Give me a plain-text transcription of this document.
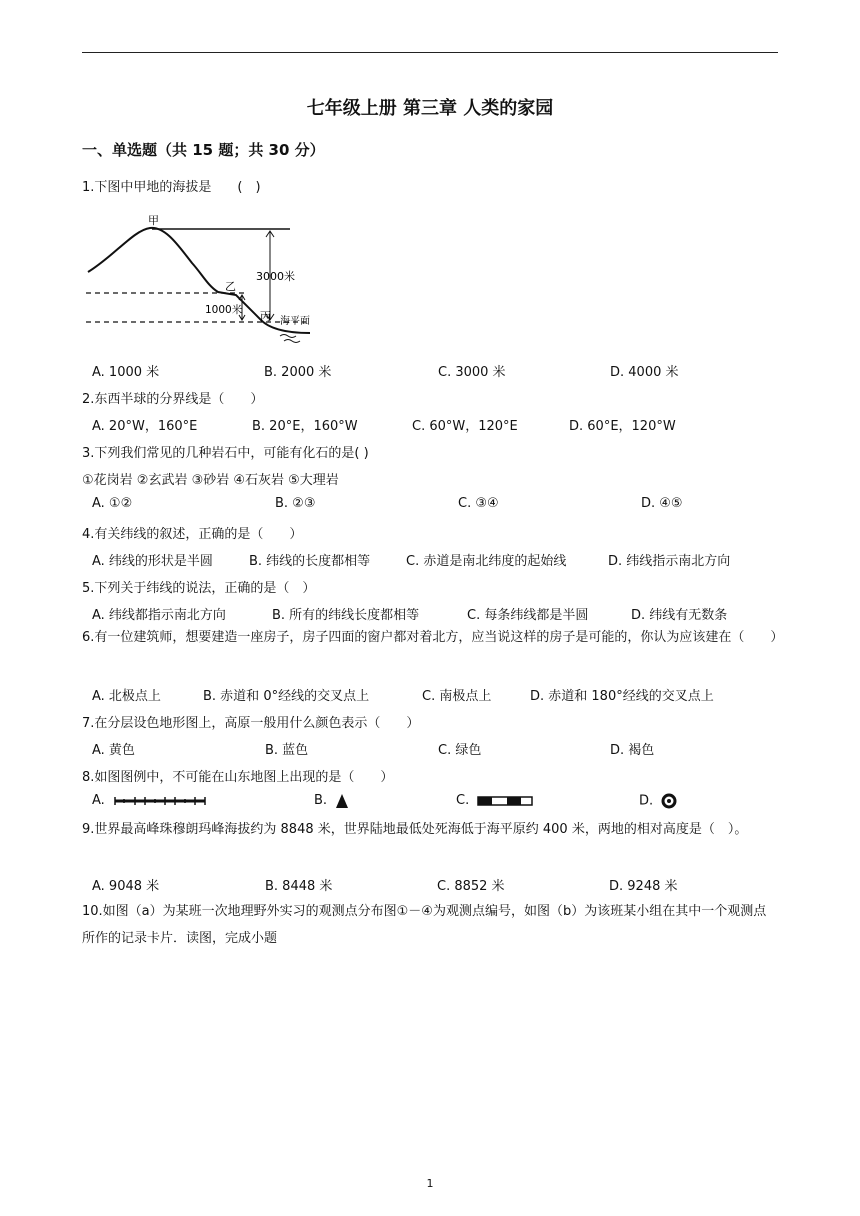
七年级上册 第三章 人类的家园
一、单选题（共 15 题；共 30 分）
1.下图中甲地的海拔是　　(　)
甲
乙
丙
3000米
1000米
海平面
A. 1000 米	B. 2000 米	C. 3000 米	D. 4000 米
2.东西半球的分界线是（　　）
A. 20°W，160°E	B. 20°E，160°W	C. 60°W，120°E	D. 60°E，120°W
3.下列我们常见的几种岩石中，可能有化石的是( )
①花岗岩 ②玄武岩 ③砂岩 ④石灰岩 ⑤大理岩
A. ①②	B. ②③	C. ③④	D. ④⑤
4.有关纬线的叙述，正确的是（　　）
A. 纬线的形状是半圆	B. 纬线的长度都相等	C. 赤道是南北纬度的起始线	D. 纬线指示南北方向
5.下列关于纬线的说法，正确的是（　）
A. 纬线都指示南北方向	B. 所有的纬线长度都相等	C. 每条纬线都是半圆	D. 纬线有无数条
6.有一位建筑师，想要建造一座房子，房子四面的窗户都对着北方，应当说这样的房子是可能的，你认为应该建在（　　）
A. 北极点上	B. 赤道和 0°经线的交叉点上	C. 南极点上	D. 赤道和 180°经线的交叉点上
7.在分层设色地形图上，高原一般用什么颜色表示（　　）
A. 黄色	B. 蓝色	C. 绿色	D. 褐色
8.如图图例中，不可能在山东地图上出现的是（　　）
A.	B.	C.	D.
9.世界最高峰珠穆朗玛峰海拔约为 8848 米，世界陆地最低处死海低于海平原约 400 米，两地的相对高度是（　）。
A. 9048 米	B. 8448 米	C. 8852 米	D. 9248 米
10.如图（a）为某班一次地理野外实习的观测点分布图①－④为观测点编号，如图（b）为该班某小组在其中一个观测点所作的记录卡片．读图，完成小题
1
